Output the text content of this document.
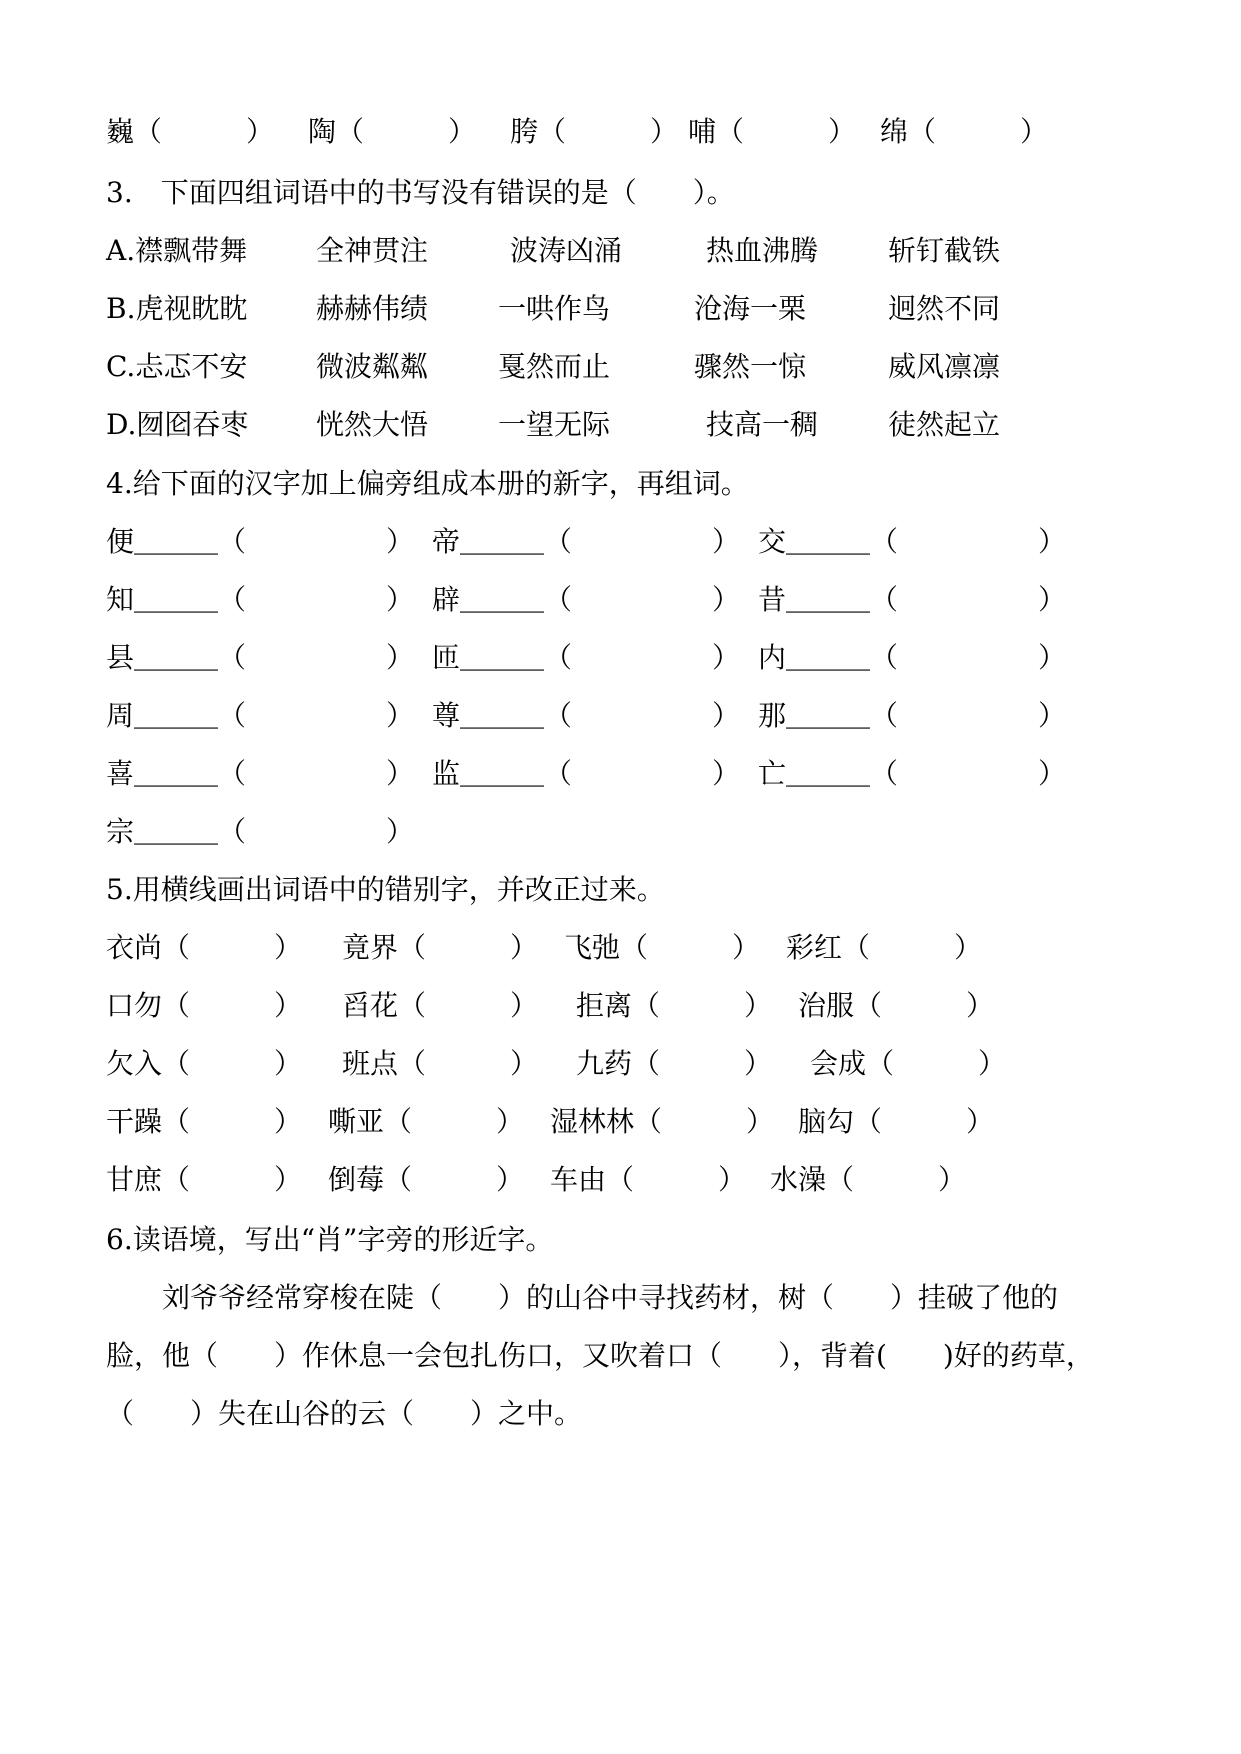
巍（　　　） 陶（　　　） 胯（　　　） 哺（　　　） 绵（　　　）
3.　下面四组词语中的书写没有错误的是（　　）。
A.襟飘带舞 全神贯注	波涛凶涌	热血沸腾 斩钉截铁
B.虎视眈眈 赫赫伟绩 一哄作鸟	沧海一栗	迥然不同
C.忐忑不安 微波粼粼 戛然而止	骤然一惊	威风凛凛
D.囫囵吞枣 恍然大悟 一望无际	技高一稠 徒然起立
4.给下面的汉字加上偏旁组成本册的新字，再组词。
便＿＿＿（　　　　　） 帝＿＿＿（　　　　　） 交＿＿＿（　　　　　）
知＿＿＿（　　　　　） 辟＿＿＿（　　　　　） 昔＿＿＿（　　　　　）
县＿＿＿（　　　　　） 匝＿＿＿（　　　　　） 内＿＿＿（　　　　　）
周＿＿＿（　　　　　） 尊＿＿＿（　　　　　） 那＿＿＿（　　　　　）
喜＿＿＿（　　　　　） 监＿＿＿（　　　　　） 亡＿＿＿（　　　　　）
宗＿＿＿（　　　　　）
5.用横线画出词语中的错别字，并改正过来。
衣尚（　　　） 竟界（　　　） 飞弛（　　　） 彩红（　　　）
口勿（　　　） 舀花（　　　） 拒离（　　　） 治服（　　　）
欠入（　　　） 班点（　　　） 九药（　　　） 会成（　　　）
干躁（　　　） 嘶亚（　　　） 湿林林（　　　） 脑勾（　　　）
甘庶（　　　） 倒莓（　　　） 车由（　　　） 水澡（　　　）
6.读语境，写出“肖”字旁的形近字。
　　刘爷爷经常穿梭在陡（　　）的山谷中寻找药材，树（　　）挂破了他的
脸，他（　　）作休息一会包扎伤口，又吹着口（　　），背着(　　)好的药草，
（　　）失在山谷的云（　　）之中。
